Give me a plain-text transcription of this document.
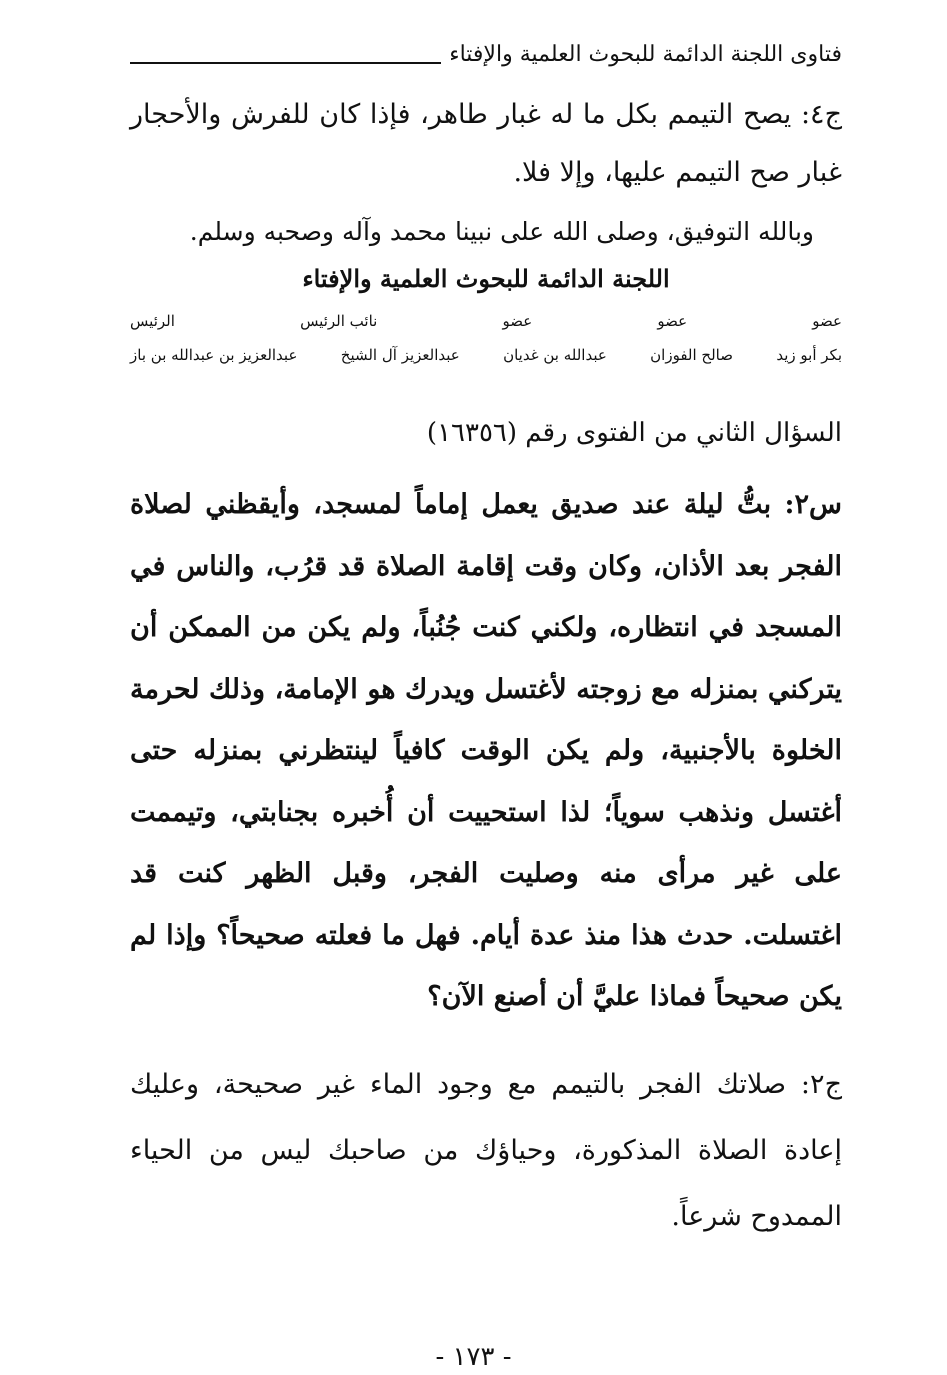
فتاوى اللجنة الدائمة للبحوث العلمية والإفتاء
ج٤: يصح التيمم بكل ما له غبار طاهر، فإذا كان للفرش والأحجار غبار صح التيمم عليها، وإلا فلا.
وبالله التوفيق، وصلى الله على نبينا محمد وآله وصحبه وسلم.
اللجنة الدائمة للبحوث العلمية والإفتاء
عضو
عضو
عضو
نائب الرئيس
الرئيس
بكر أبو زيد
صالح الفوزان
عبدالله بن غديان
عبدالعزيز آل الشيخ
عبدالعزيز بن عبدالله بن باز
السؤال الثاني من الفتوى رقم (١٦٣٥٦)
س٢: بتُّ ليلة عند صديق يعمل إماماً لمسجد، وأيقظني لصلاة الفجر بعد الأذان، وكان وقت إقامة الصلاة قد قرُب، والناس في المسجد في انتظاره، ولكني كنت جُنُباً، ولم يكن من الممكن أن يتركني بمنزله مع زوجته لأغتسل ويدرك هو الإمامة، وذلك لحرمة الخلوة بالأجنبية، ولم يكن الوقت كافياً لينتظرني بمنزله حتى أغتسل ونذهب سوياً؛ لذا استحييت أن أُخبره بجنابتي، وتيممت على غير مرأى منه وصليت الفجر، وقبل الظهر كنت قد اغتسلت. حدث هذا منذ عدة أيام. فهل ما فعلته صحيحاً؟ وإذا لم يكن صحيحاً فماذا عليَّ أن أصنع الآن؟
ج٢: صلاتك الفجر بالتيمم مع وجود الماء غير صحيحة، وعليك إعادة الصلاة المذكورة، وحياؤك من صاحبك ليس من الحياء الممدوح شرعاً.
- ١٧٣ -
